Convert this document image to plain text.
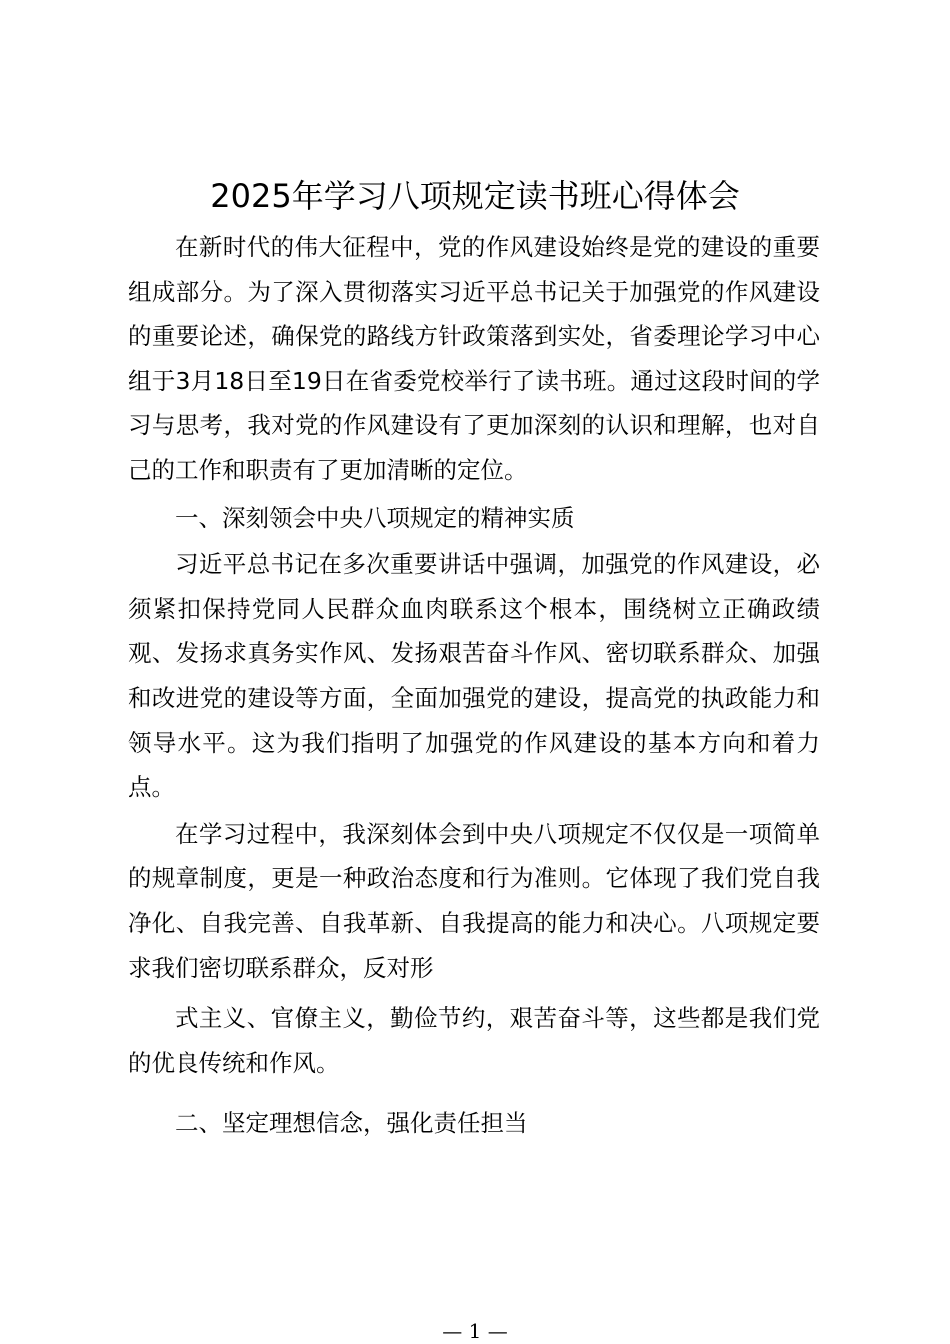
2025年学习八项规定读书班心得体会

在新时代的伟大征程中，党的作风建设始终是党的建设的重要组成部分。为了深入贯彻落实习近平总书记关于加强党的作风建设的重要论述，确保党的路线方针政策落到实处，省委理论学习中心组于3月18日至19日在省委党校举行了读书班。通过这段时间的学习与思考，我对党的作风建设有了更加深刻的认识和理解，也对自己的工作和职责有了更加清晰的定位。

一、深刻领会中央八项规定的精神实质

习近平总书记在多次重要讲话中强调，加强党的作风建设，必须紧扣保持党同人民群众血肉联系这个根本，围绕树立正确政绩观、发扬求真务实作风、发扬艰苦奋斗作风、密切联系群众、加强和改进党的建设等方面，全面加强党的建设，提高党的执政能力和领导水平。这为我们指明了加强党的作风建设的基本方向和着力点。

在学习过程中，我深刻体会到中央八项规定不仅仅是一项简单的规章制度，更是一种政治态度和行为准则。它体现了我们党自我净化、自我完善、自我革新、自我提高的能力和决心。八项规定要求我们密切联系群众，反对形

式主义、官僚主义，勤俭节约，艰苦奋斗等，这些都是我们党的优良传统和作风。

二、坚定理想信念，强化责任担当

— 1 —
